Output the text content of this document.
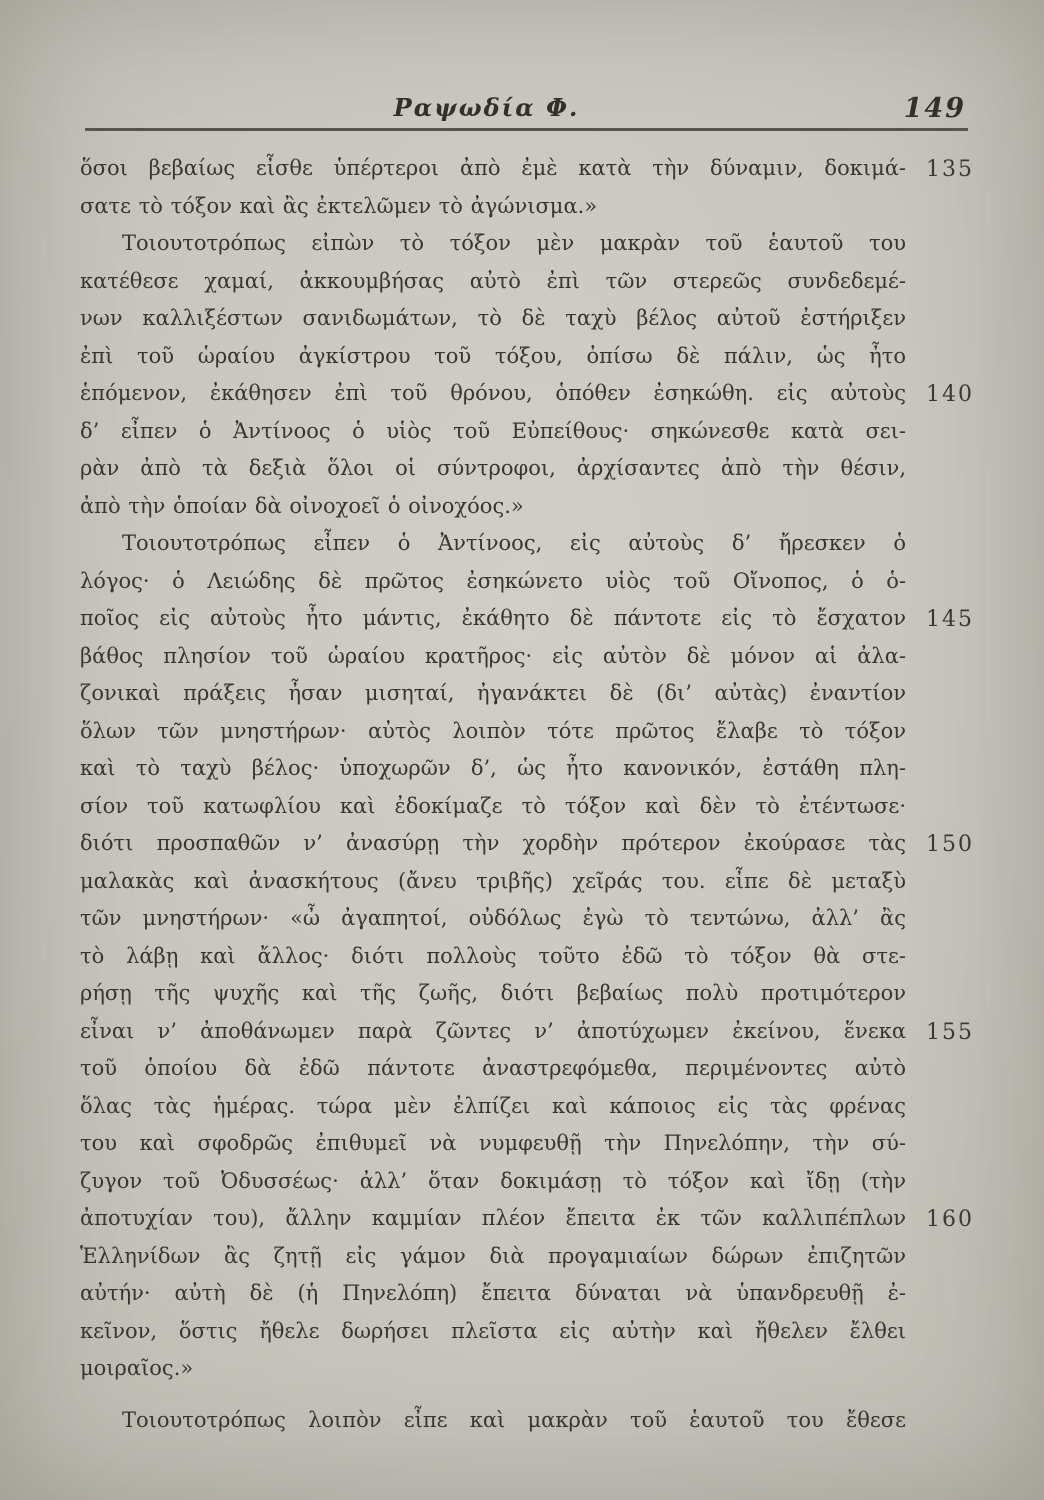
Ραψωδία Φ.	149
ὅσοι βεβαίως εἶσθε ὑπέρτεροι ἀπὸ ἐμὲ κατὰ τὴν δύναμιν, δοκιμά- 135
σατε τὸ τόξον καὶ ἂς ἐκτελῶμεν τὸ ἀγώνισμα.»
Τοιουτοτρόπως εἰπὼν τὸ τόξον μὲν μακρὰν τοῦ ἑαυτοῦ του
κατέθεσε χαμαί, ἀκκουμβήσας αὐτὸ ἐπὶ τῶν στερεῶς συνδεδεμέ-
νων καλλιξέστων σανιδωμάτων, τὸ δὲ ταχὺ βέλος αὐτοῦ ἐστήριξεν
ἐπὶ τοῦ ὡραίου ἀγκίστρου τοῦ τόξου, ὀπίσω δὲ πάλιν, ὡς ἦτο
ἑπόμενον, ἐκάθησεν ἐπὶ τοῦ θρόνου, ὁπόθεν ἐσηκώθη. εἰς αὐτοὺς 140
δ’ εἶπεν ὁ Ἀντίνοος ὁ υἱὸς τοῦ Εὐπείθους· σηκώνεσθε κατὰ σει-
ρὰν ἀπὸ τὰ δεξιὰ ὅλοι οἱ σύντροφοι, ἀρχίσαντες ἀπὸ τὴν θέσιν,
ἀπὸ τὴν ὁποίαν δὰ οἰνοχοεῖ ὁ οἰνοχόος.»
Τοιουτοτρόπως εἶπεν ὁ Ἀντίνοος, εἰς αὐτοὺς δ’ ἤρεσκεν ὁ
λόγος· ὁ Λειώδης δὲ πρῶτος ἐσηκώνετο υἱὸς τοῦ Οἴνοπος, ὁ ὁ-
ποῖος εἰς αὐτοὺς ἦτο μάντις, ἐκάθητο δὲ πάντοτε εἰς τὸ ἔσχατον 145
βάθος πλησίον τοῦ ὡραίου κρατῆρος· εἰς αὐτὸν δὲ μόνον αἱ ἀλα-
ζονικαὶ πράξεις ἦσαν μισηταί, ἠγανάκτει δὲ (δι’ αὐτὰς) ἐναντίον
ὅλων τῶν μνηστήρων· αὐτὸς λοιπὸν τότε πρῶτος ἔλαβε τὸ τόξον
καὶ τὸ ταχὺ βέλος· ὑποχωρῶν δ’, ὡς ἦτο κανονικόν, ἐστάθη πλη-
σίον τοῦ κατωφλίου καὶ ἐδοκίμαζε τὸ τόξον καὶ δὲν τὸ ἐτέντωσε·
διότι προσπαθῶν ν’ ἀνασύρῃ τὴν χορδὴν πρότερον ἐκούρασε τὰς 150
μαλακὰς καὶ ἀνασκήτους (ἄνευ τριβῆς) χεῖράς του. εἶπε δὲ μεταξὺ
τῶν μνηστήρων· «ὦ ἀγαπητοί, οὐδόλως ἐγὼ τὸ τεντώνω, ἀλλ’ ἂς
τὸ λάβῃ καὶ ἄλλος· διότι πολλοὺς τοῦτο ἐδῶ τὸ τόξον θὰ στε-
ρήσῃ τῆς ψυχῆς καὶ τῆς ζωῆς, διότι βεβαίως πολὺ προτιμότερον
εἶναι ν’ ἀποθάνωμεν παρὰ ζῶντες ν’ ἀποτύχωμεν ἐκείνου, ἕνεκα 155
τοῦ ὁποίου δὰ ἐδῶ πάντοτε ἀναστρεφόμεθα, περιμένοντες αὐτὸ
ὅλας τὰς ἡμέρας. τώρα μὲν ἐλπίζει καὶ κάποιος εἰς τὰς φρένας
του καὶ σφοδρῶς ἐπιθυμεῖ νὰ νυμφευθῇ τὴν Πηνελόπην, τὴν σύ-
ζυγον τοῦ Ὀδυσσέως· ἀλλ’ ὅταν δοκιμάσῃ τὸ τόξον καὶ ἴδῃ (τὴν
ἀποτυχίαν του), ἄλλην καμμίαν πλέον ἔπειτα ἐκ τῶν καλλιπέπλων 160
Ἑλληνίδων ἂς ζητῇ εἰς γάμον διὰ προγαμιαίων δώρων ἐπιζητῶν
αὐτήν· αὐτὴ δὲ (ἡ Πηνελόπη) ἔπειτα δύναται νὰ ὑπανδρευθῇ ἐ-
κεῖνον, ὅστις ἤθελε δωρήσει πλεῖστα εἰς αὐτὴν καὶ ἤθελεν ἔλθει
μοιραῖος.»
Τοιουτοτρόπως λοιπὸν εἶπε καὶ μακρὰν τοῦ ἑαυτοῦ του ἔθεσε
